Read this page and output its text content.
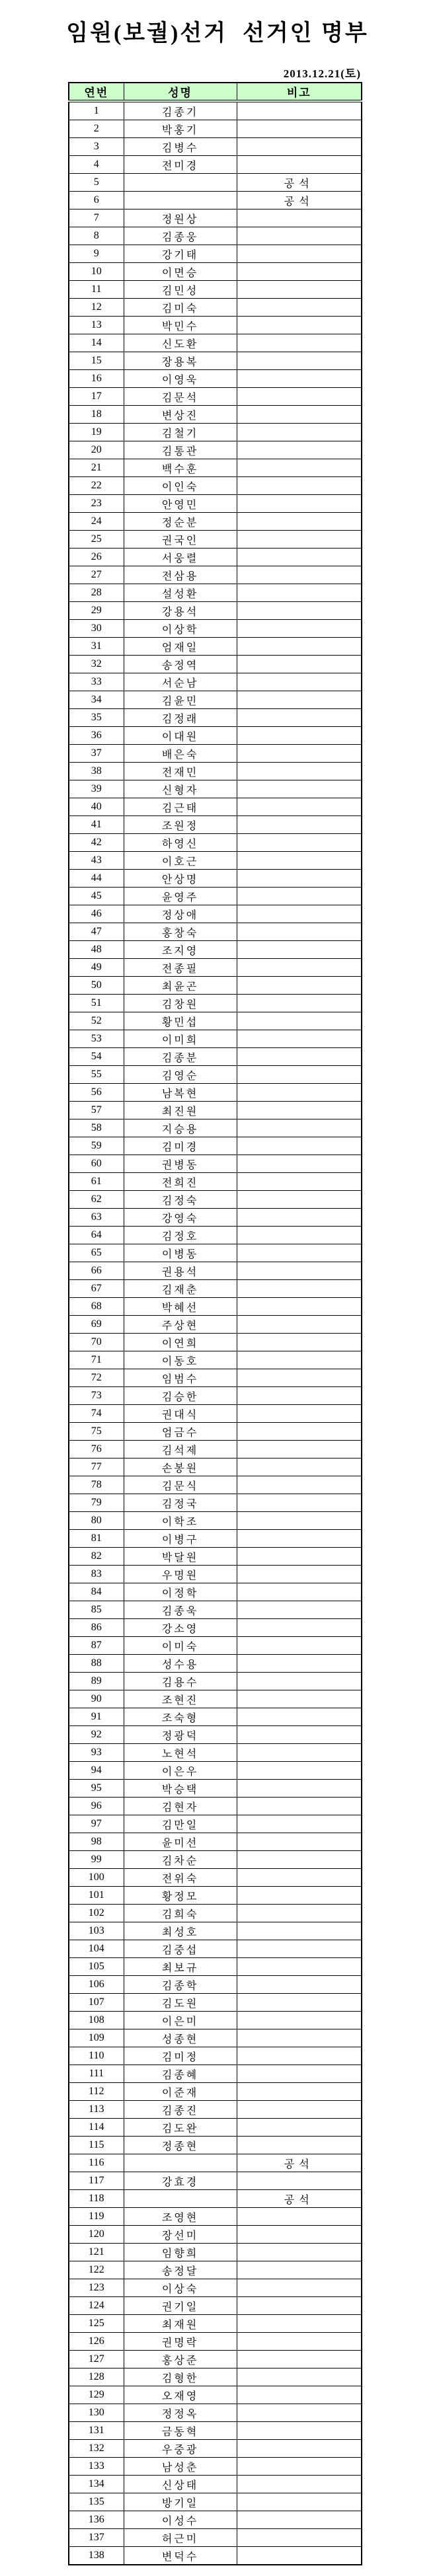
임원(보궐)선거  선거인 명부
2013.12.21(토)
연번	성명	비고
1	김종기	
2	박홍기	
3	김병수	
4	전미경	
5		공석
6		공석
7	정원상	
8	김종웅	
9	강기태	
10	이면승	
11	김민성	
12	김미숙	
13	박민수	
14	신도환	
15	장용복	
16	이영욱	
17	김문석	
18	변상진	
19	김철기	
20	김통관	
21	백수훈	
22	이인숙	
23	안영민	
24	정순분	
25	권국인	
26	서웅렬	
27	전삼용	
28	설성환	
29	강용석	
30	이상학	
31	엄재일	
32	송정역	
33	서순남	
34	김윤민	
35	김정래	
36	이대원	
37	배은숙	
38	전재민	
39	신형자	
40	김근태	
41	조원정	
42	하영신	
43	이호근	
44	안상명	
45	윤영주	
46	정상애	
47	홍창숙	
48	조지영	
49	전종필	
50	최윤곤	
51	김창원	
52	황민섭	
53	이미희	
54	김종분	
55	김영순	
56	남복현	
57	최진원	
58	지승용	
59	김미경	
60	권병동	
61	전희진	
62	김정숙	
63	강영숙	
64	김정호	
65	이병동	
66	권용석	
67	김재춘	
68	박혜선	
69	주상현	
70	이연희	
71	이동호	
72	임범수	
73	김승한	
74	권대식	
75	엄금수	
76	김석제	
77	손봉원	
78	김문식	
79	김정국	
80	이학조	
81	이병구	
82	박달원	
83	우명원	
84	이정학	
85	김종욱	
86	강소영	
87	이미숙	
88	성수용	
89	김용수	
90	조현진	
91	조숙형	
92	정광덕	
93	노현석	
94	이은우	
95	박승택	
96	김현자	
97	김만일	
98	윤미선	
99	김차순	
100	전위숙	
101	황정모	
102	김희숙	
103	최성호	
104	김중섭	
105	최보규	
106	김종학	
107	김도원	
108	이은미	
109	성종현	
110	김미정	
111	김종혜	
112	이준재	
113	김종진	
114	김도완	
115	정종현	
116		공석
117	강효경	
118		공석
119	조영현	
120	장선미	
121	임향희	
122	송정달	
123	이상숙	
124	권기일	
125	최재원	
126	권명락	
127	홍상준	
128	김형한	
129	오재영	
130	정정옥	
131	금동혁	
132	우중광	
133	남성춘	
134	신상태	
135	방기일	
136	이성수	
137	허근미	
138	변덕수	
